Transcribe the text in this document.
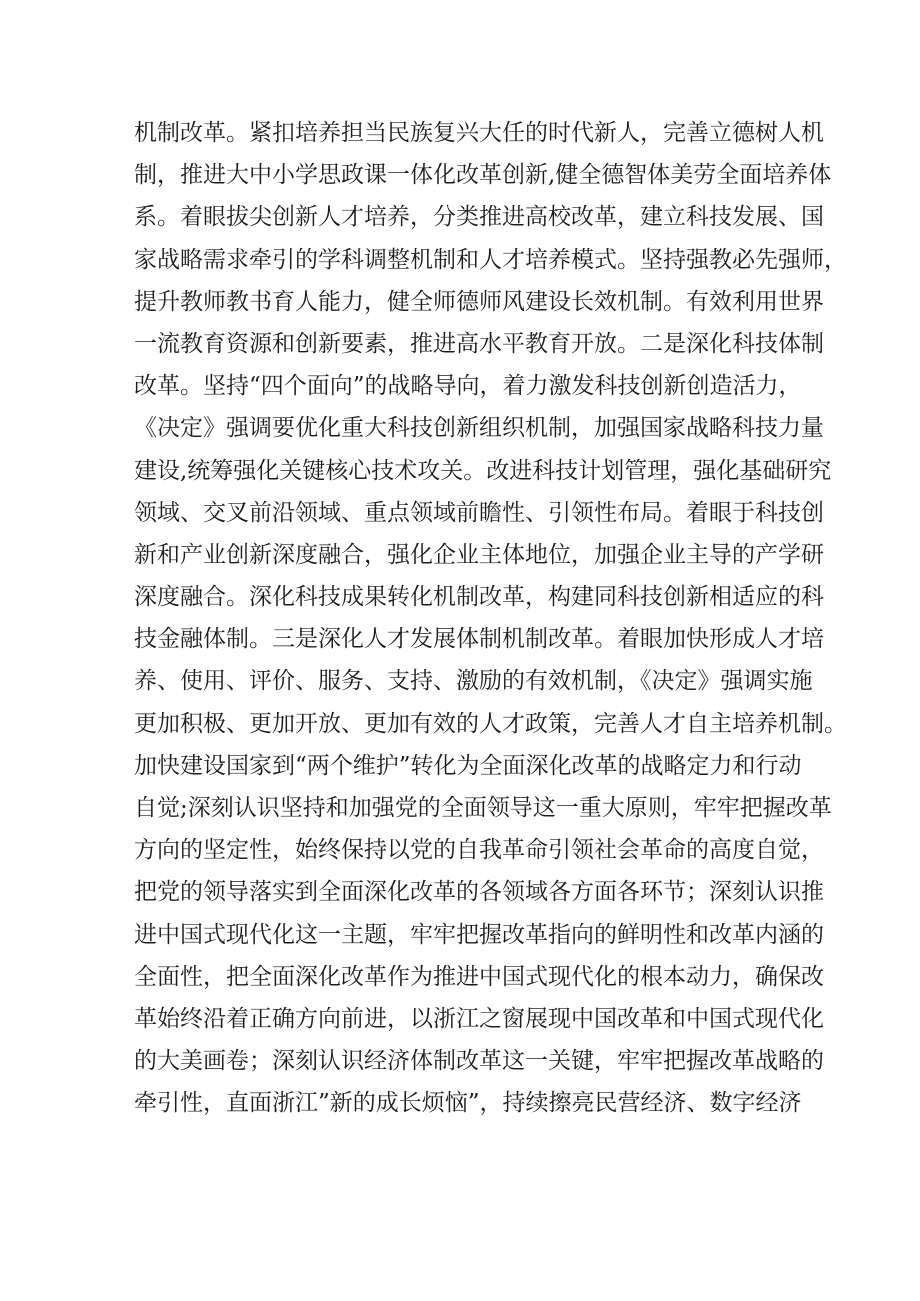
机制改革。紧扣培养担当民族复兴大任的时代新人，完善立德树人机
制，推进大中小学思政课一体化改革创新,健全德智体美劳全面培养体
系。着眼拔尖创新人才培养，分类推进高校改革，建立科技发展、国
家战略需求牵引的学科调整机制和人才培养模式。坚持强教必先强师，
提升教师教书育人能力，健全师德师风建设长效机制。有效利用世界
一流教育资源和创新要素，推进高水平教育开放。二是深化科技体制
改革。坚持“四个面向”的战略导向，着力激发科技创新创造活力，
《决定》强调要优化重大科技创新组织机制，加强国家战略科技力量
建设,统筹强化关键核心技术攻关。改进科技计划管理，强化基础研究
领域、交叉前沿领域、重点领域前瞻性、引领性布局。着眼于科技创
新和产业创新深度融合，强化企业主体地位，加强企业主导的产学研
深度融合。深化科技成果转化机制改革，构建同科技创新相适应的科
技金融体制。三是深化人才发展体制机制改革。着眼加快形成人才培
养、使用、评价、服务、支持、激励的有效机制，《决定》强调实施
更加积极、更加开放、更加有效的人才政策，完善人才自主培养机制。
加快建设国家到“两个维护”转化为全面深化改革的战略定力和行动
自觉;深刻认识坚持和加强党的全面领导这一重大原则，牢牢把握改革
方向的坚定性，始终保持以党的自我革命引领社会革命的高度自觉，
把党的领导落实到全面深化改革的各领域各方面各环节；深刻认识推
进中国式现代化这一主题，牢牢把握改革指向的鲜明性和改革内涵的
全面性，把全面深化改革作为推进中国式现代化的根本动力，确保改
革始终沿着正确方向前进，以浙江之窗展现中国改革和中国式现代化
的大美画卷；深刻认识经济体制改革这一关键，牢牢把握改革战略的
牵引性，直面浙江”新的成长烦恼”，持续擦亮民营经济、数字经济
